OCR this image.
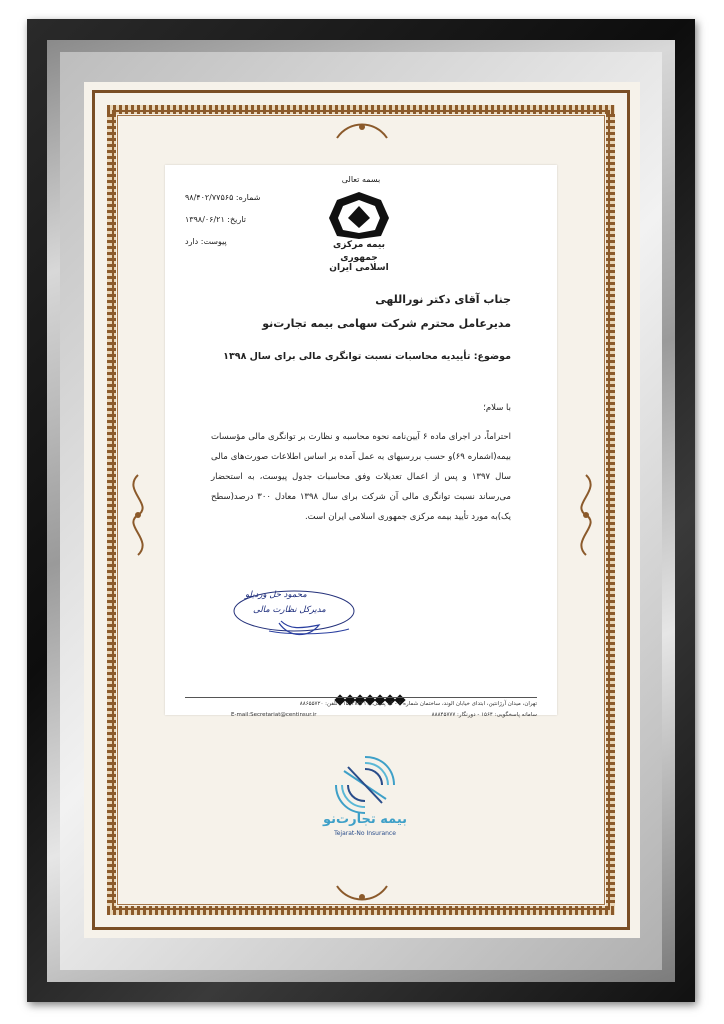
بسمه تعالی
شماره: ۹۸/۴۰۲/۷۷۵۶۵
تاریخ: ۱۳۹۸/۰۶/۲۱
پیوست: دارد	بیمه مرکزی
جمهوری اسلامی ایران
جناب آقای دکتر نوراللهی
مدیرعامل محترم شرکت سهامی بیمه تجارت‌نو
موضوع: تأییدیه محاسبات نسبت توانگری مالی برای سال ۱۳۹۸
با سلام؛
احتراماً، در اجرای ماده ۶ آیین‌نامه نحوه محاسبه و نظارت بر توانگری مالی مؤسسات بیمه(اشماره ۶۹)و حسب بررسیهای به عمل آمده بر اساس اطلاعات صورت‌های مالی سال ۱۳۹۷ و پس از اعمال تعدیلات وفق محاسبات جدول پیوست، به استحضار می‌رساند نسبت توانگری مالی آن شرکت برای سال ۱۳۹۸ معادل ۳۰۰ درصد(سطح یک)به مورد تأیید بیمه مرکزی جمهوری اسلامی ایران است.
محمود حل وردیلو
مدیرکل نظارت مالی
تهران، میدان آرژانتین، ابتدای خیابان الوند، ساختمان شماره ۲ - کد پستی: ۱۵۱۴۸۳۳۱۱ - تلفن: ۸۸۶۵۵۷۲۰
E-mail:Secretariat@centinsur.ir	سامانه پاسخگویی: ۱۵۶۴ - دورنگار: ۸۸۸۴۵۷۷۷
بیمه تجارت‌نو
Tejarat-No Insurance
